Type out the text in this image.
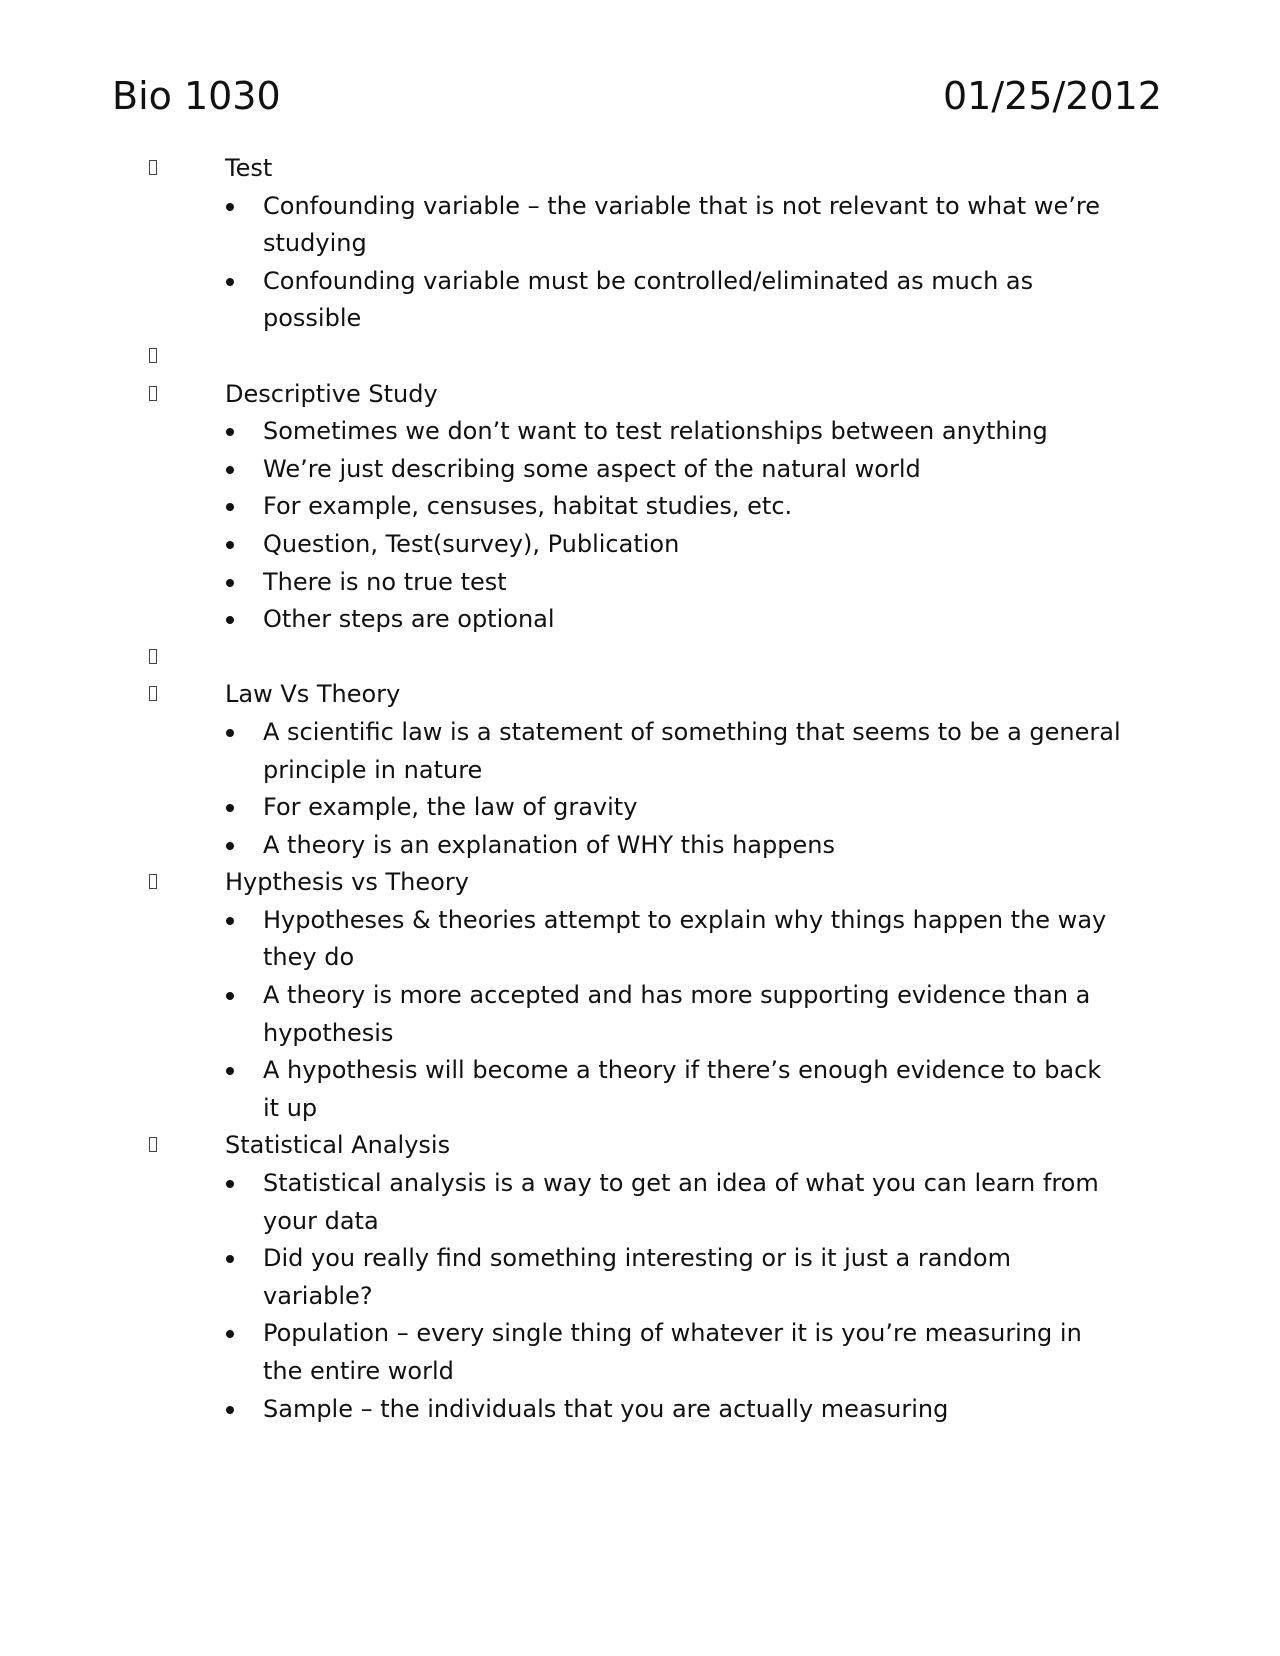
Bio 1030	01/25/2012
Test
Confounding variable – the variable that is not relevant to what we’re studying
Confounding variable must be controlled/eliminated as much as possible
Descriptive Study
Sometimes we don’t want to test relationships between anything
We’re just describing some aspect of the natural world
For example, censuses, habitat studies, etc.
Question, Test(survey), Publication
There is no true test
Other steps are optional
Law Vs Theory
A scientific law is a statement of something that seems to be a general principle in nature
For example, the law of gravity
A theory is an explanation of WHY this happens
Hypthesis vs Theory
Hypotheses & theories attempt to explain why things happen the way they do
A theory is more accepted and has more supporting evidence than a hypothesis
A hypothesis will become a theory if there’s enough evidence to back it up
Statistical Analysis
Statistical analysis is a way to get an idea of what you can learn from your data
Did you really find something interesting or is it just a random variable?
Population – every single thing of whatever it is you’re measuring in the entire world
Sample – the individuals that you are actually measuring
